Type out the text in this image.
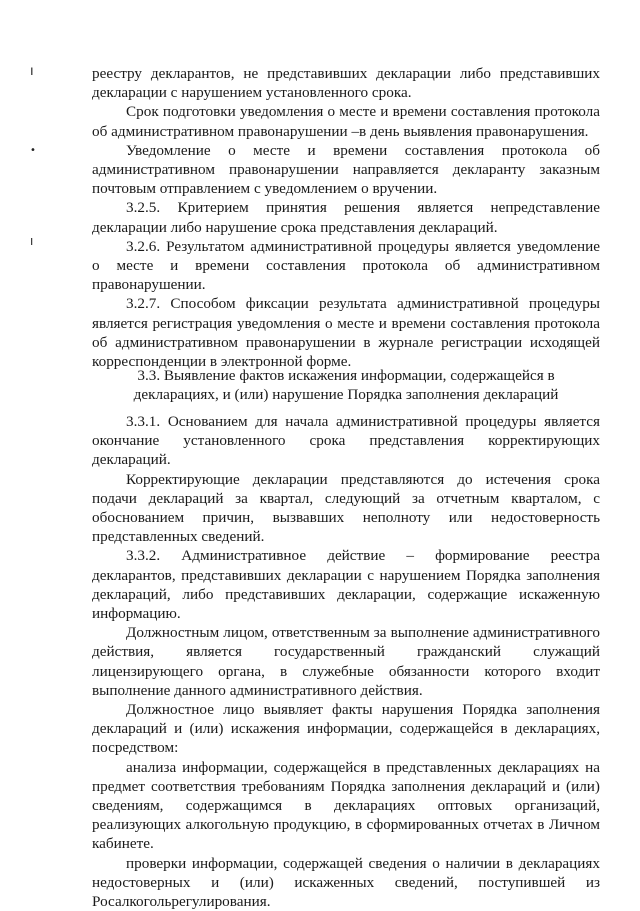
ı
•
ı

реестру декларантов, не представивших декларации либо представивших декларации с нарушением установленного срока.

Срок подготовки уведомления о месте и времени составления протокола об административном правонарушении –в день выявления правонарушения.

Уведомление о месте и времени составления протокола об административном правонарушении направляется декларанту заказным почтовым отправлением с уведомлением о вручении.

3.2.5. Критерием принятия решения является непредставление декларации либо нарушение срока представления деклараций.

3.2.6. Результатом административной процедуры является уведомление о месте и времени составления протокола об административном правонарушении.

3.2.7. Способом фиксации результата административной процедуры является регистрация уведомления о месте и времени составления протокола об административном правонарушении в журнале регистрации исходящей корреспонденции в электронной форме.

3.3. Выявление фактов искажения информации, содержащейся в декларациях, и (или) нарушение Порядка заполнения деклараций

3.3.1. Основанием для начала административной процедуры является окончание установленного срока представления корректирующих деклараций.

Корректирующие декларации представляются до истечения срока подачи деклараций за квартал, следующий за отчетным кварталом, с обоснованием причин, вызвавших неполноту или недостоверность представленных сведений.

3.3.2. Административное действие – формирование реестра декларантов, представивших декларации с нарушением Порядка заполнения деклараций, либо представивших декларации, содержащие искаженную информацию.

Должностным лицом, ответственным за выполнение административного действия, является государственный гражданский служащий лицензирующего органа, в служебные обязанности которого входит выполнение данного административного действия.

Должностное лицо выявляет факты нарушения Порядка заполнения деклараций и (или) искажения информации, содержащейся в декларациях, посредством:

анализа информации, содержащейся в представленных декларациях на предмет соответствия требованиям Порядка заполнения деклараций и (или) сведениям, содержащимся в декларациях оптовых организаций, реализующих алкогольную продукцию, в сформированных отчетах в Личном кабинете.

проверки информации, содержащей сведения о наличии в декларациях недостоверных и (или) искаженных сведений, поступившей из Росалкогольрегулирования.
